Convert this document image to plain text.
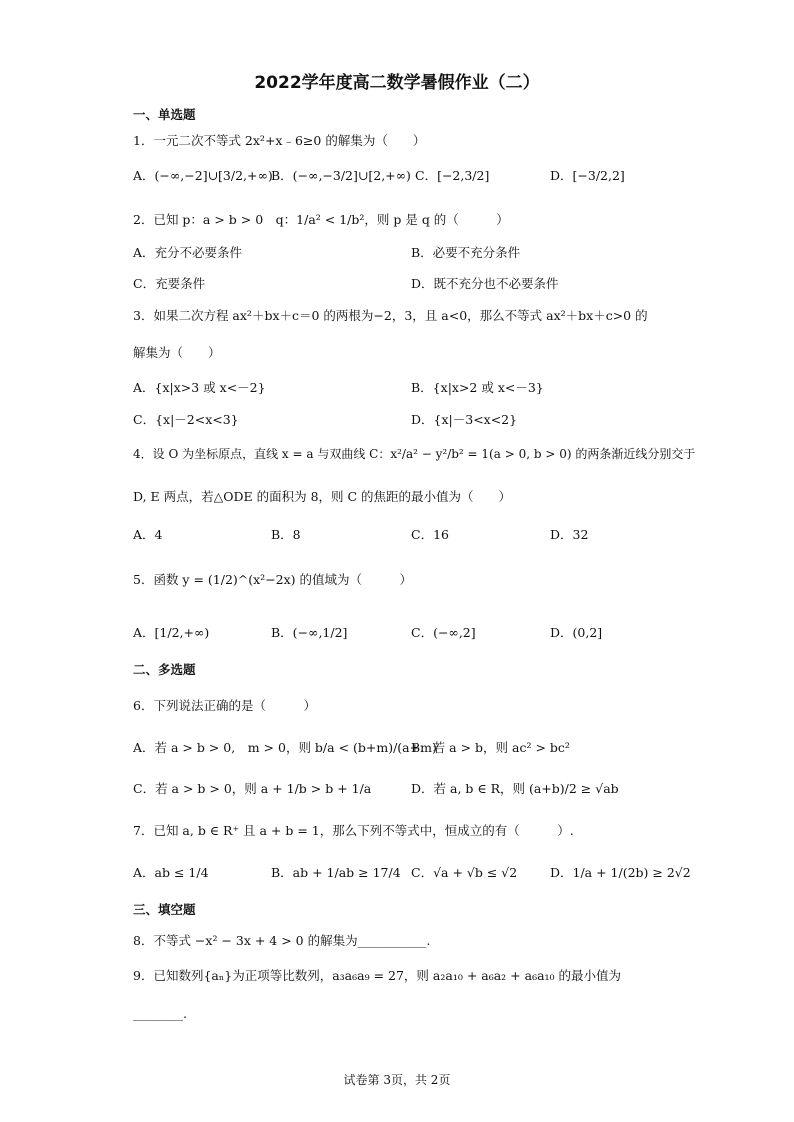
2022学年度高二数学暑假作业（二）
一、单选题
1．一元二次不等式 2x²+x﹣6≥0 的解集为（　　）
A．(−∞,−2]∪[3/2,+∞)
B．(−∞,−3/2]∪[2,+∞) C．[−2,3/2]	D．[−3/2,2]
2．已知 p：a > b > 0　q：1/a² < 1/b²，则 p 是 q 的（　　　）
A．充分不必要条件	B．必要不充分条件
C．充要条件	D．既不充分也不必要条件
3．如果二次方程 ax²＋bx＋c＝0 的两根为−2，3，且 a<0，那么不等式 ax²＋bx＋c>0 的
解集为（　　）
A．{x|x>3 或 x<－2}	B．{x|x>2 或 x<－3}
C．{x|－2<x<3}	D．{x|－3<x<2}
4．设 O 为坐标原点，直线 x = a 与双曲线 C：x²/a² − y²/b² = 1(a > 0, b > 0) 的两条渐近线分别交于
D, E 两点，若△ODE 的面积为 8，则 C 的焦距的最小值为（　　）
A．4	B．8	C．16	D．32
5．函数 y = (1/2)^(x²−2x) 的值域为（　　　）
A．[1/2,+∞)	B．(−∞,1/2]	C．(−∞,2]	D．(0,2]
二、多选题
6．下列说法正确的是（　　　）
A．若 a > b > 0,　m > 0，则 b/a < (b+m)/(a+m)
B．若 a > b，则 ac² > bc²
C．若 a > b > 0，则 a + 1/b > b + 1/a	D．若 a, b ∈ R，则 (a+b)/2 ≥ √ab
7．已知 a, b ∈ R⁺ 且 a + b = 1，那么下列不等式中，恒成立的有（　　　）.
A．ab ≤ 1/4	B．ab + 1/ab ≥ 17/4 C．√a + √b ≤ √2	D．1/a + 1/(2b) ≥ 2√2
三、填空题
8．不等式 −x² − 3x + 4 > 0 的解集为___________.
9．已知数列{aₙ}为正项等比数列，a₃a₆a₉ = 27，则 a₂a₁₀ + a₆a₂ + a₆a₁₀ 的最小值为
________.
试卷第 3页，共 2页
